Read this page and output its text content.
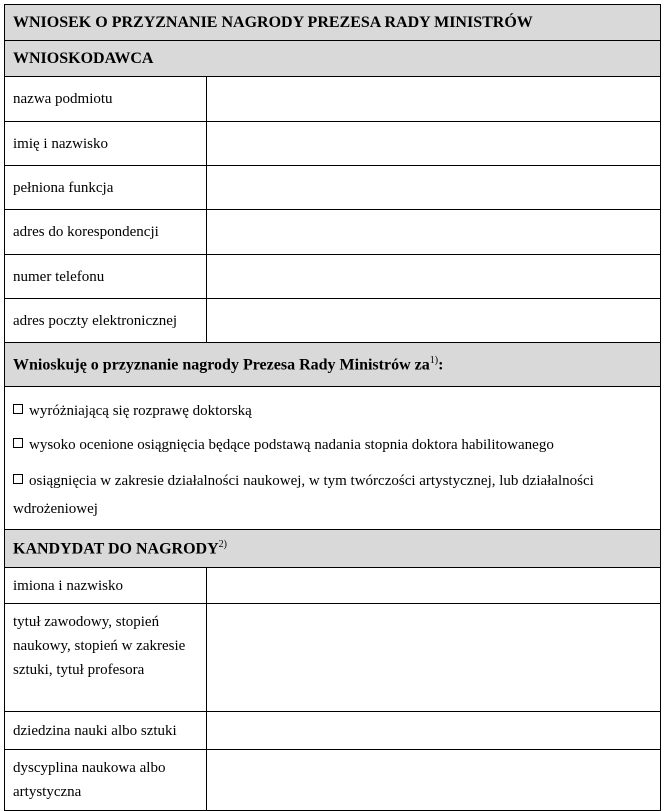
WNIOSEK O PRZYZNANIE NAGRODY PREZESA RADY MINISTRÓW
WNIOSKODAWCA
nazwa podmiotu
imię i nazwisko
pełniona funkcja
adres do korespondencji
numer telefonu
adres poczty elektronicznej
Wnioskuję o przyznanie nagrody Prezesa Rady Ministrów $za^{1)}$:
wyróżniającą się rozprawę doktorską
wysoko ocenione osiągnięcia będące podstawą nadania stopnia doktora habilitowanego
osiągnięcia w zakresie działalności naukowej, w tym twórczości artystycznej, lub działalności wdrożeniowej
KANDYDAT DO NAGRODY$^{2)}$
imiona i nazwisko
tytuł zawodowy, stopień naukowy, stopień w zakresie sztuki, tytuł profesora
dziedzina nauki albo sztuki
dyscyplina naukowa albo artystyczna
